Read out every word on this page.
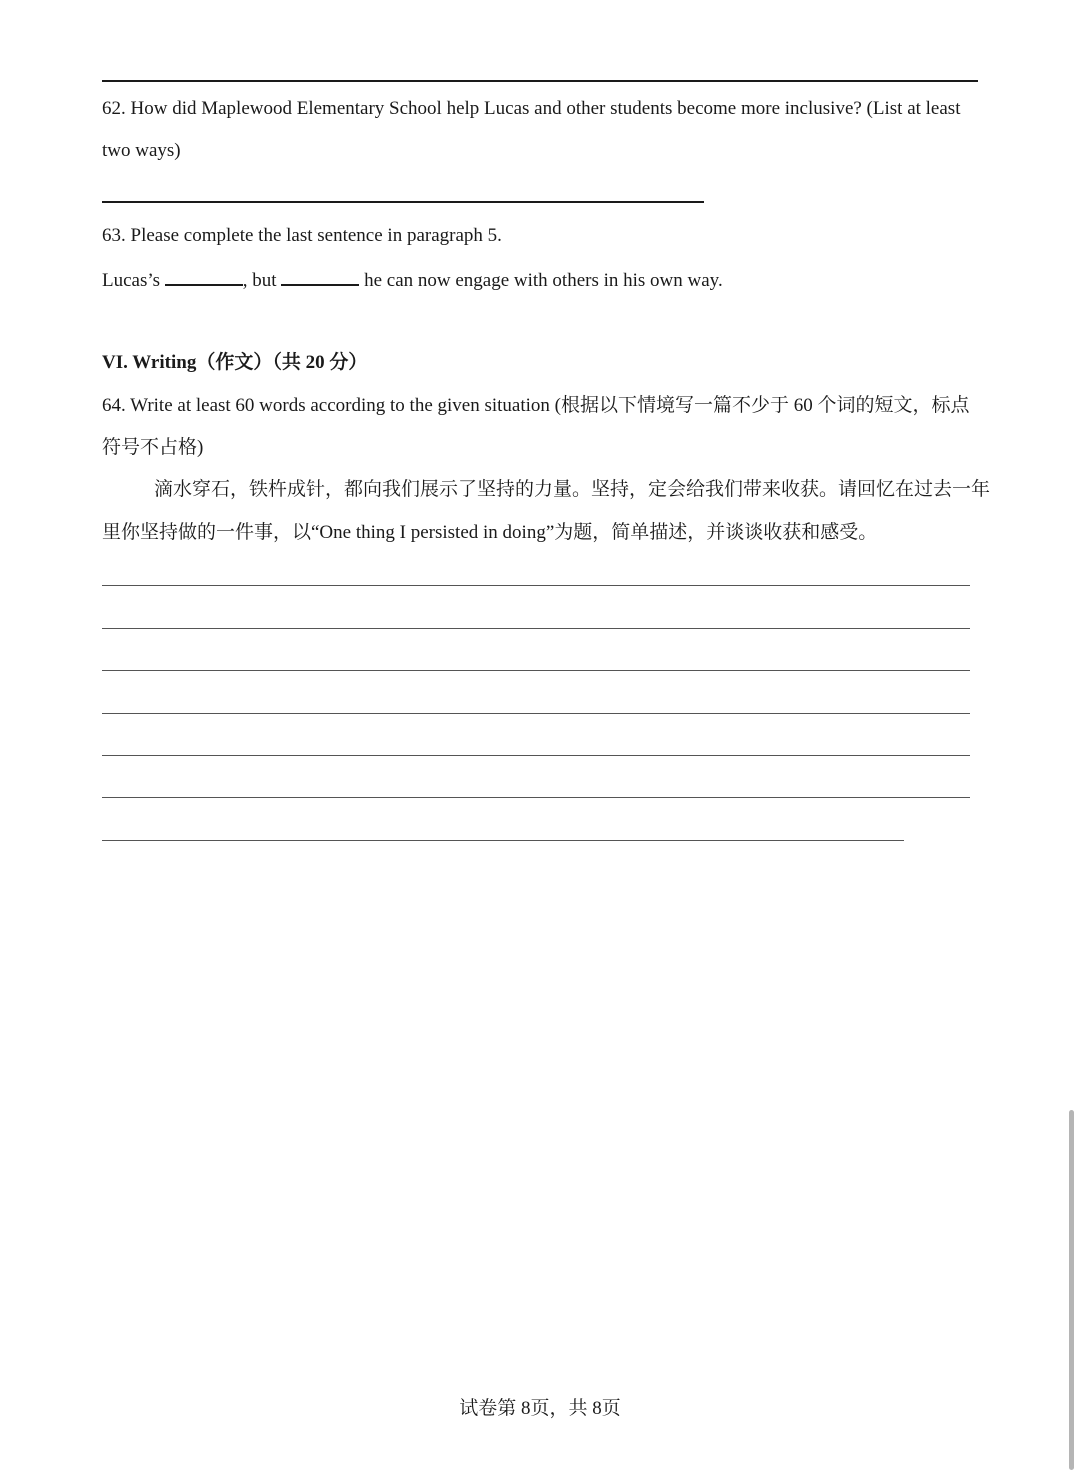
62. How did Maplewood Elementary School help Lucas and other students become more inclusive? (List at least
two ways)
63. Please complete the last sentence in paragraph 5.
Lucas’s	, but	he can now engage with others in his own way.
VI. Writing（作文）（共 20 分）
64. Write at least 60 words according to the given situation (根据以下情境写一篇不少于 60 个词的短文，标点
符号不占格)
滴水穿石，铁杵成针，都向我们展示了坚持的力量。坚持，定会给我们带来收获。请回忆在过去一年
里你坚持做的一件事，以“One thing I persisted in doing”为题，简单描述，并谈谈收获和感受。
试卷第 8页，共 8页
